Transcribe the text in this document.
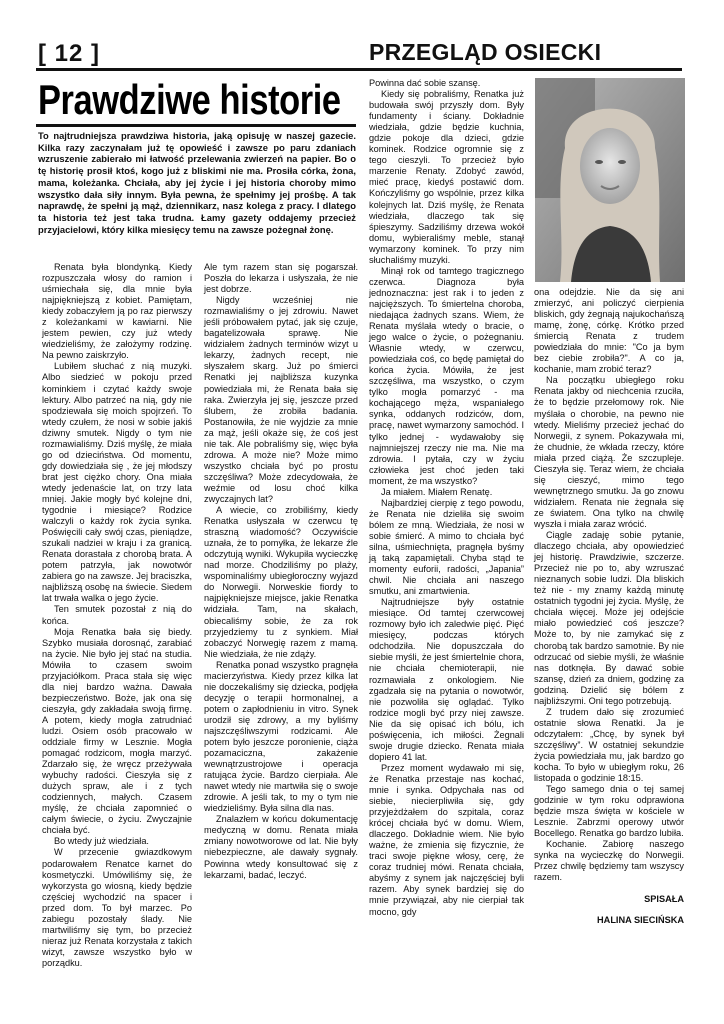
[ 12 ]	PRZEGLĄD OSIECKI
Prawdziwe historie
To najtrudniejsza prawdziwa historia, jaką opisuję w naszej gazecie. Kilka razy zaczynałam już tę opowieść i zawsze po paru zdaniach wzruszenie zabierało mi łatwość przelewania zwierzeń na papier. Bo o tę historię prosił ktoś, kogo już z bliskimi nie ma. Prosiła córka, żona, mama, koleżanka. Chciała, aby jej życie i jej historia choroby mimo wszystko dała siły innym. Była pewna, że spełnimy jej prośbę. A tak naprawdę, że spełni ją mąż, dziennikarz, nasz kolega z pracy. I dlatego ta historia też jest taka trudna. Łamy gazety oddajemy przecież przyjacielowi, który kilka miesięcy temu na zawsze pożegnał żonę.

Renata była blondynką. Kiedy rozpuszczała włosy do ramion i uśmiechała się, dla mnie była najpiękniejszą z kobiet. Pamiętam, kiedy zobaczyłem ją po raz pierwszy z koleżankami w kawiarni. Nie jestem pewien, czy już wtedy wiedzieliśmy, że założymy rodzinę. Na pewno zaiskrzyło.

Lubiłem słuchać z nią muzyki. Albo siedzieć w pokoju przed kominkiem i czytać każdy swoje lektury. Albo patrzeć na nią, gdy nie spodziewała się moich spojrzeń. To wtedy czułem, że nosi w sobie jakiś dziwny smutek. Nigdy o tym nie rozmawialiśmy. Dziś myślę, że miała go od dzieciństwa. Od momentu, gdy dowiedziała się , że jej młodszy brat jest ciężko chory. Ona miała wtedy jedenaście lat, on trzy lata mniej. Jakie mogły być kolejne dni, tygodnie i miesiące? Rodzice walczyli o każdy rok życia synka. Poświęcili cały swój czas, pieniądze, szukali nadziei w kraju i za granicą. Renata dorastała z chorobą brata. A potem patrzyła, jak nowotwór zabiera go na zawsze. Jej braciszka, najbliższą osobę na świecie. Siedem lat trwała walka o jego życie.

Ten smutek pozostał z nią do końca.

Moja Renatka bała się biedy. Szybko musiała dorosnąć, zarabiać na życie. Nie było jej stać na studia. Mówiła to czasem swoim przyjaciółkom. Praca stała się więc dla niej bardzo ważna. Dawała bezpieczeństwo. Boże, jak ona się cieszyła, gdy zakładała swoją firmę. A potem, kiedy mogła zatrudniać ludzi. Osiem osób pracowało w oddziale firmy w Lesznie. Mogła pomagać rodzicom, mogła marzyć. Zdarzało się, że wręcz przeżywała wybuchy radości. Cieszyła się z dużych spraw, ale i z tych codziennych, małych. Czasem myślę, że chciała zapomnieć o całym świecie, o życiu. Zwyczajnie chciała być.

Bo wtedy już wiedziała.

W przecenie gwiazdkowym podarowałem Renatce karnet do kosmetyczki. Umówiliśmy się, że wykorzysta go wiosną, kiedy będzie częściej wychodzić na spacer i przed dom. To był marzec. Po zabiegu pozostały ślady. Nie martwiliśmy się tym, bo przecież nieraz już Renata korzystała z takich wizyt, zawsze wszystko było w porządku.

Ale tym razem stan się pogarszał. Poszła do lekarza i usłyszała, że nie jest dobrze.

Nigdy wcześniej nie rozmawialiśmy o jej zdrowiu. Nawet jeśli próbowałem pytać, jak się czuje, bagatelizowała sprawę. Nie widziałem żadnych terminów wizyt u lekarzy, żadnych recept, nie słyszałem skarg. Już po śmierci Renatki jej najbliższa kuzynka powiedziała mi, że Renata bała się raka. Zwierzyła jej się, jeszcze przed ślubem, że zrobiła badania. Postanowiła, że nie wyjdzie za mnie za mąż, jeśli okaże się, że coś jest nie tak. Ale pobraliśmy się, więc była zdrowa. A może nie? Może mimo wszystko chciała być po prostu szczęśliwa? Może zdecydowała, że weźmie od losu choć kilka zwyczajnych lat?

A wiecie, co zrobiliśmy, kiedy Renatka usłyszała w czerwcu tę straszną wiadomość? Oczywiście uznała, że to pomyłka, że lekarze źle odczytują wyniki. Wykupiła wycieczkę nad morze. Chodziliśmy po plaży, wspominaliśmy ubiegłoroczny wyjazd do Norwegii. Norweskie fiordy to najpiękniejsze miejsce, jakie Renatka widziała. Tam, na skałach, obiecaliśmy sobie, że za rok przyjedziemy tu z synkiem. Miał zobaczyć Norwegię razem z mamą. Nie wiedziała, że nie zdąży.

Renatka ponad wszystko pragnęła macierzyństwa. Kiedy przez kilka lat nie doczekaliśmy się dziecka, podjęła decyzję o terapii hormonalnej, a potem o zapłodnieniu in vitro. Synek urodził się zdrowy, a my byliśmy najszczęśliwszymi rodzicami. Ale potem było jeszcze poronienie, ciąża pozamaciczna, zakażenie wewnątrzustrojowe i operacja ratująca życie. Bardzo cierpiała. Ale nawet wtedy nie martwiła się o swoje zdrowie. A jeśli tak, to my o tym nie wiedzieliśmy. Była silna dla nas.

Znalazłem w końcu dokumentację medyczną w domu. Renata miała zmiany nowotworowe od lat. Nie były niebezpieczne, ale dawały sygnały. Powinna wtedy konsultować się z lekarzami, badać, leczyć.

Powinna dać sobie szansę.

Kiedy się pobraliśmy, Renatka już budowała swój przyszły dom. Były fundamenty i ściany. Dokładnie wiedziała, gdzie będzie kuchnia, gdzie pokoje dla dzieci, gdzie kominek. Rodzice ogromnie się z tego cieszyli. To przecież było marzenie Renaty. Zdobyć zawód, mieć pracę, kiedyś postawić dom. Kończyliśmy go wspólnie, przez kilka kolejnych lat. Dziś myślę, że Renata wiedziała, dlaczego tak się śpieszymy. Sadziliśmy drzewa wokół domu, wybieraliśmy meble, stanął wymarzony kominek. To przy nim słuchaliśmy muzyki.

Minął rok od tamtego tragicznego czerwca. Diagnoza była jednoznaczna: jest rak i to jeden z najcięższych. To śmiertelna choroba, niedająca żadnych szans. Wiem, że Renata myślała wtedy o bracie, o jego walce o życie, o pożegnaniu. Własnie wtedy, w czerwcu, powiedziała coś, co będę pamiętał do końca życia. Mówiła, że jest szczęśliwa, ma wszystko, o czym tylko mogła pomarzyć - ma kochającego męża, wspaniałego synka, oddanych rodziców, dom, pracę, nawet wymarzony samochód. I tylko jednej - wydawałoby się najmniejszej rzeczy nie ma. Nie ma zdrowia. I pytała, czy w życiu człowieka jest choć jeden taki moment, że ma wszystko?

Ja miałem. Miałem Renatę.

Najbardziej cierpię z tego powodu, że Renata nie dzieliła się swoim bólem ze mną. Wiedziała, że nosi w sobie śmierć. A mimo to chciała być silna, uśmiechnięta, pragnęła byśmy ją taką zapamiętali. Chyba stąd te momenty euforii, radości, „Japania” chwil. Nie chciała ani naszego smutku, ani zmartwienia.

Najtrudniejsze były ostatnie miesiące. Od tamtej czerwcowej rozmowy było ich zaledwie pięć. Pięć miesięcy, podczas których odchodziła. Nie dopuszczała do siebie myśli, że jest śmiertelnie chora, nie chciała chemioterapii, nie rozmawiała z onkologiem. Nie zgadzała się na pytania o nowotwór, nie pozwoliła się oglądać. Tylko rodzice mogli być przy niej zawsze. Nie da się opisać ich bólu, ich poświęcenia, ich miłości. Żegnali swoje drugie dziecko. Renata miała dopiero 41 lat.

Przez moment wydawało mi się, że Renatka przestaje nas kochać, mnie i synka. Odpychała nas od siebie, niecierpliwiła się, gdy przyjeżdżałem do szpitala, coraz krócej chciała być w domu. Wiem, dlaczego. Dokładnie wiem. Nie było ważne, że zmienia się fizycznie, że traci swoje piękne włosy, cerę, że coraz trudniej mówi. Renata chciała, abyśmy z synem jak najczęściej byli razem. Aby synek bardziej się do mnie przywiązał, aby nie cierpiał tak mocno, gdy

ona odejdzie. Nie da się ani zmierzyć, ani policzyć cierpienia bliskich, gdy żegnają najukochańszą mamę, żonę, córkę. Krótko przed śmiercią Renata z trudem powiedziała do mnie: "Co ja bym bez ciebie zrobiła?". A co ja, kochanie, mam zrobić teraz?

Na początku ubiegłego roku Renata jakby od niechcenia rzuciła, że to będzie przełomowy rok. Nie myślała o chorobie, na pewno nie wtedy. Mieliśmy przecież jechać do Norwegii, z synem. Pokazywała mi, że chudnie, że wkłada rzeczy, które miała przed ciążą. Że szczupleje. Cieszyła się. Teraz wiem, że chciała się cieszyć, mimo tego wewnętrznego smutku. Ja go znowu widziałem. Renata nie żegnała się ze światem. Ona tylko na chwilę wyszła i miała zaraz wrócić.

Ciągle zadaję sobie pytanie, dlaczego chciała, aby opowiedzieć jej historię. Prawdziwie, szczerze. Przecież nie po to, aby wzruszać nieznanych sobie ludzi. Dla bliskich też nie - my znamy każdą minutę ostatnich tygodni jej życia. Myślę, że chciała więcej. Może jej odejście miało powiedzieć coś jeszcze? Może to, by nie zamykać się z chorobą tak bardzo samotnie. By nie odrzucać od siebie myśli, że właśnie nas dotknęła. By dawać sobie szansę, dzień za dniem, godzinę za godziną. Dzielić się bólem z najbliższymi. Oni tego potrzebują.

Z trudem dało się zrozumieć ostatnie słowa Renatki. Ja je odczytałem: „Chcę, by synek był szczęśliwy”. W ostatniej sekundzie życia powiedziała mu, jak bardzo go kocha. To było w ubiegłym roku, 26 listopada o godzinie 18:15.

Tego samego dnia o tej samej godzinie w tym roku odprawiona będzie msza święta w kościele w Lesznie. Zabrzmi operowy utwór Bocellego. Renatka go bardzo lubiła.

Kochanie. Zabiorę naszego synka na wycieczkę do Norwegii. Przez chwilę będziemy tam wszyscy razem.

SPISAŁA
HALINA SIECIŃSKA
